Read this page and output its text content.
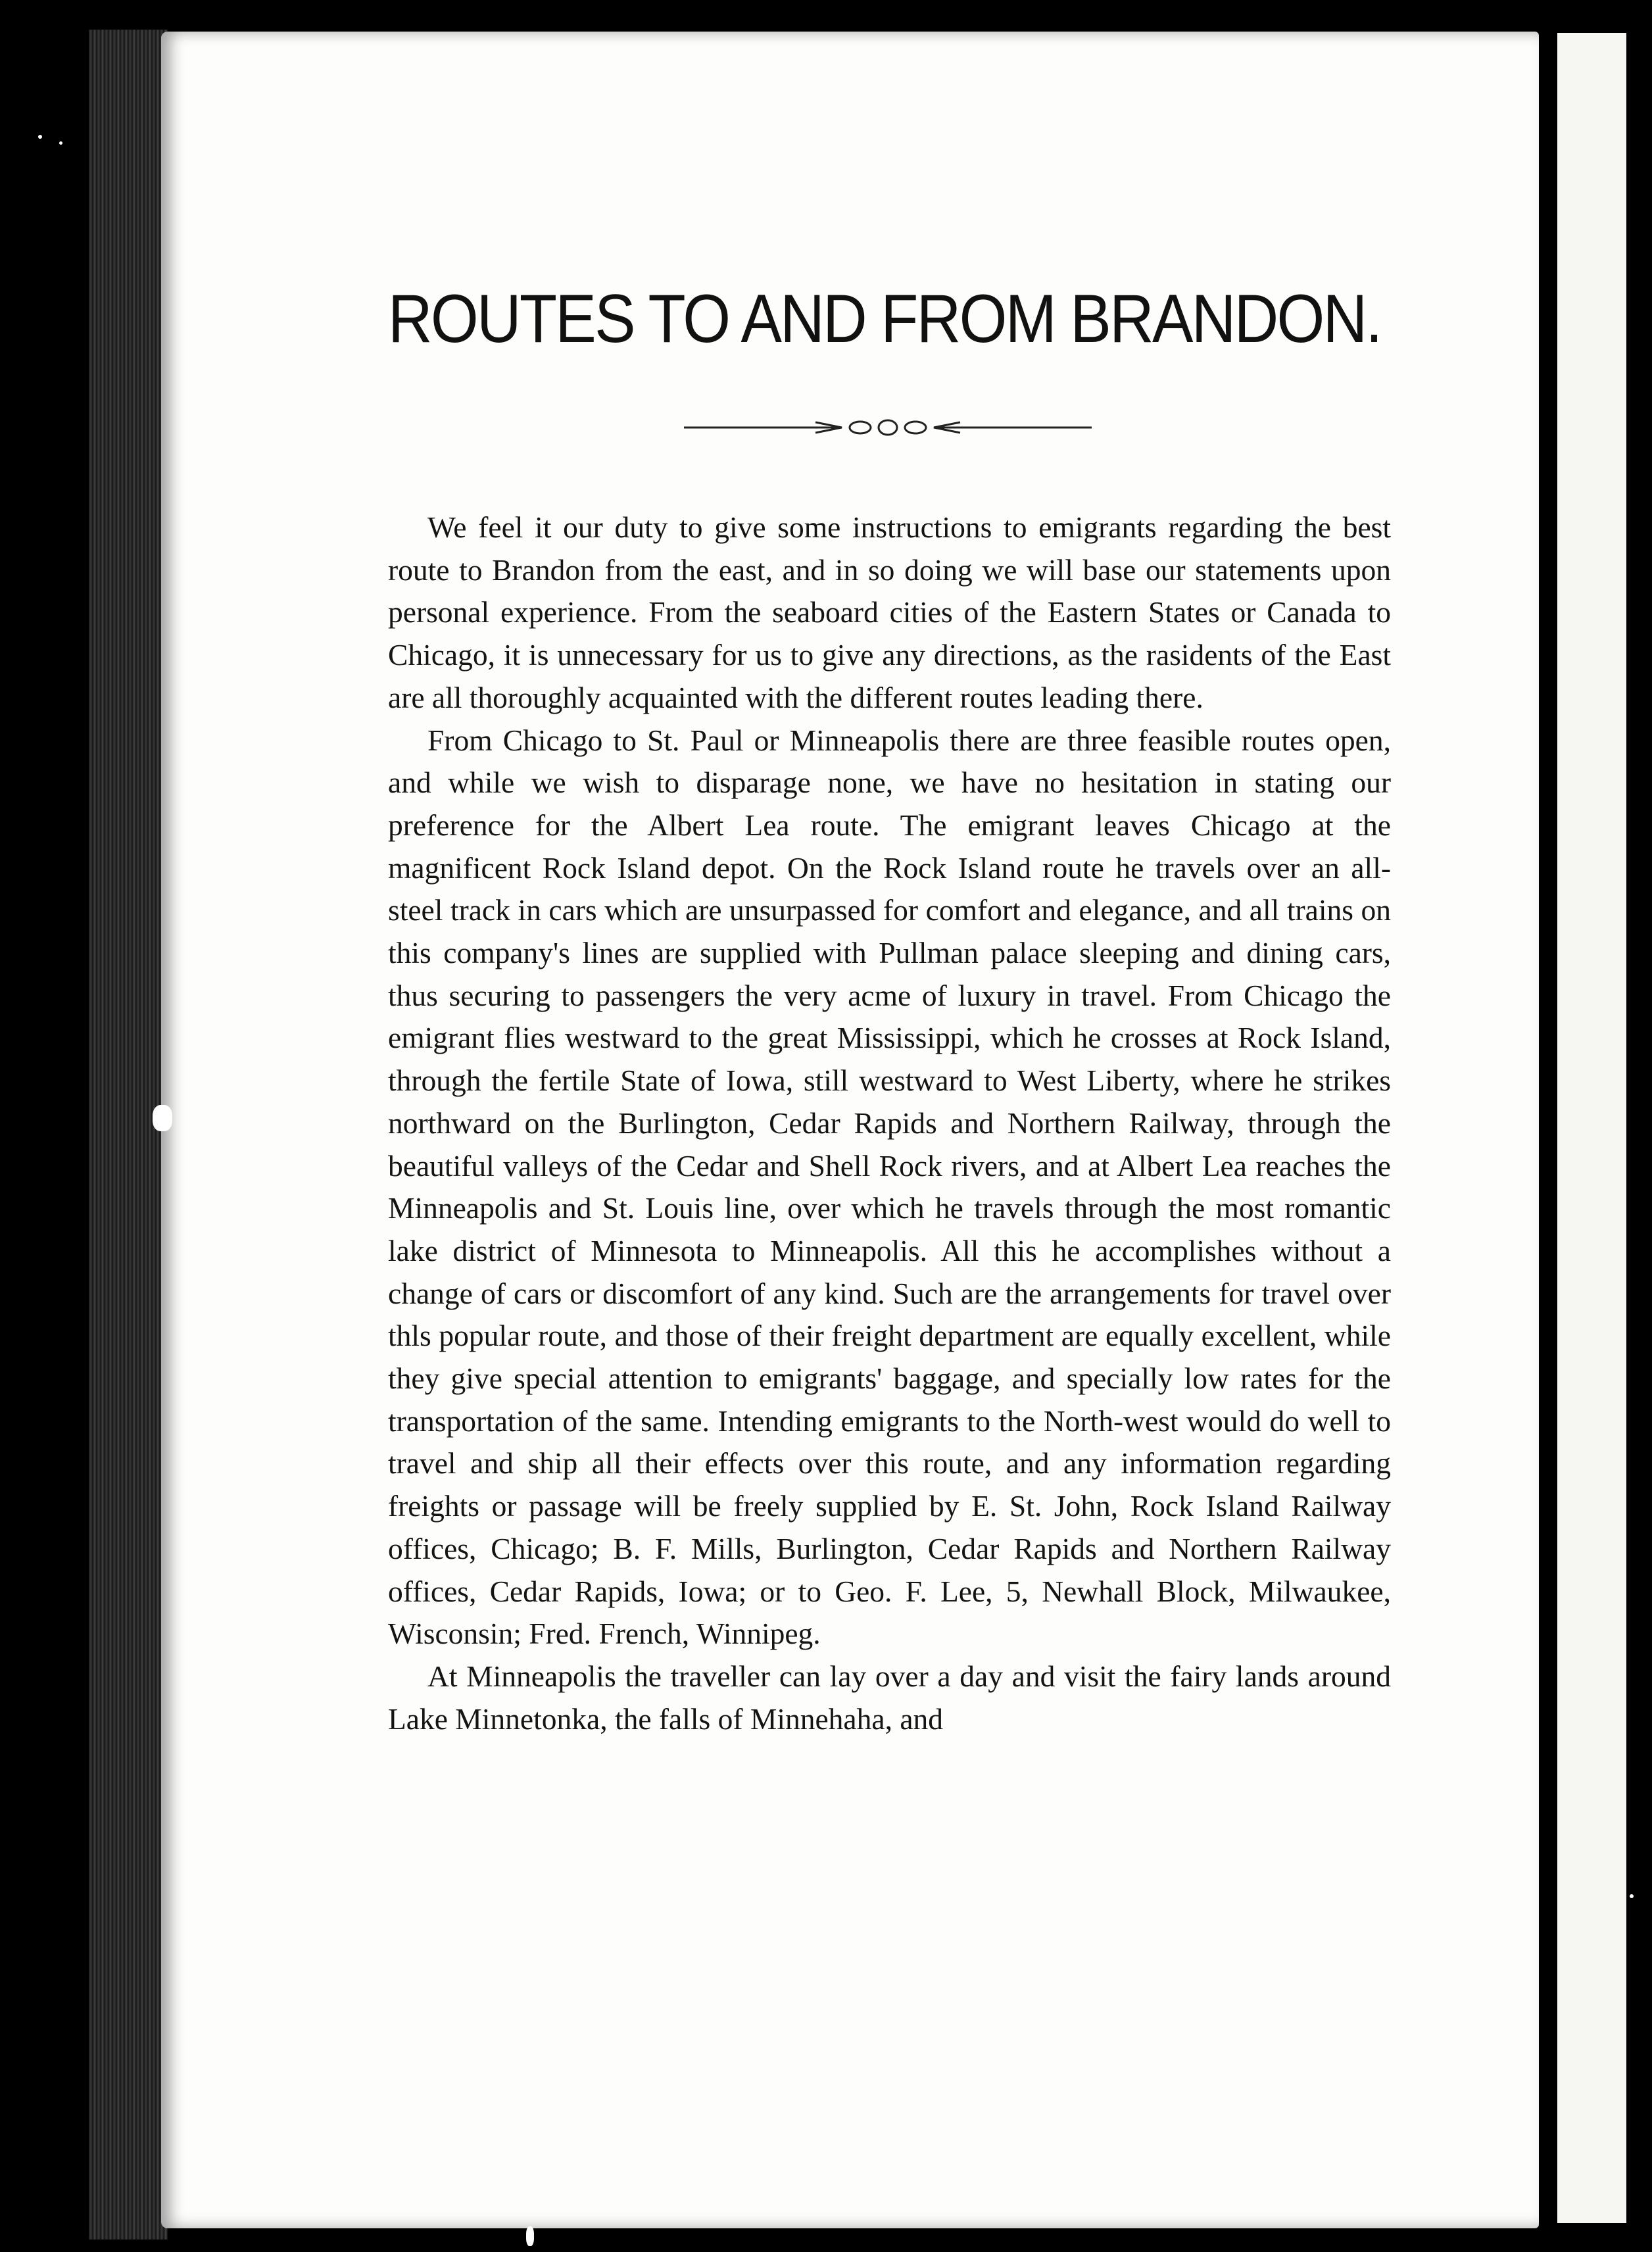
ROUTES TO AND FROM BRANDON.

We feel it our duty to give some instructions to emigrants regarding the best route to Brandon from the east, and in so doing we will base our statements upon personal experience. From the seaboard cities of the Eastern States or Canada to Chicago, it is unnecessary for us to give any directions, as the rasidents of the East are all thoroughly acquainted with the different routes leading there.

From Chicago to St. Paul or Minneapolis there are three feasible routes open, and while we wish to disparage none, we have no hesitation in stating our preference for the Albert Lea route. The emigrant leaves Chicago at the magnificent Rock Island depot. On the Rock Island route he travels over an all-steel track in cars which are unsurpassed for comfort and elegance, and all trains on this company's lines are supplied with Pullman palace sleeping and dining cars, thus securing to passengers the very acme of luxury in travel. From Chicago the emigrant flies westward to the great Mississippi, which he crosses at Rock Island, through the fertile State of Iowa, still westward to West Liberty, where he strikes northward on the Burlington, Cedar Rapids and Northern Railway, through the beautiful valleys of the Cedar and Shell Rock rivers, and at Albert Lea reaches the Minneapolis and St. Louis line, over which he travels through the most romantic lake district of Minnesota to Minneapolis. All this he accomplishes without a change of cars or discomfort of any kind. Such are the arrangements for travel over thls popular route, and those of their freight department are equally excellent, while they give special attention to emigrants' baggage, and specially low rates for the transportation of the same. Intending emigrants to the North-west would do well to travel and ship all their effects over this route, and any information regarding freights or passage will be freely supplied by E. St. John, Rock Island Railway offices, Chicago; B. F. Mills, Burlington, Cedar Rapids and Northern Railway offices, Cedar Rapids, Iowa; or to Geo. F. Lee, 5, Newhall Block, Milwaukee, Wisconsin; Fred. French, Winnipeg.

At Minneapolis the traveller can lay over a day and visit the fairy lands around Lake Minnetonka, the falls of Minnehaha, and
